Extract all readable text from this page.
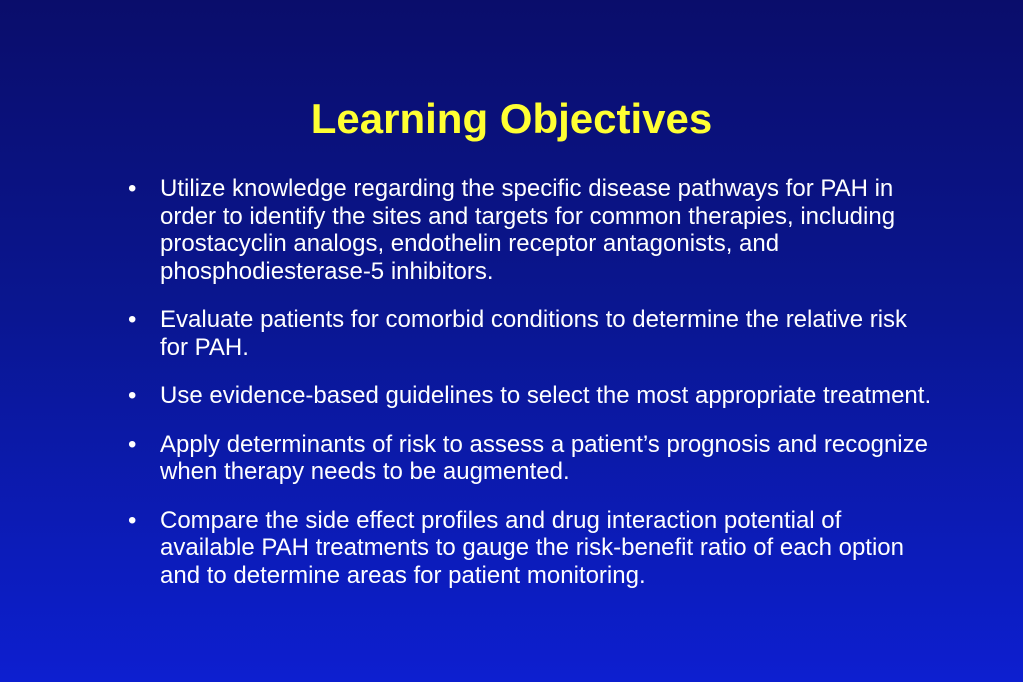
Learning Objectives
• Utilize knowledge regarding the specific disease pathways for PAH in order to identify the sites and targets for common therapies, including prostacyclin analogs, endothelin receptor antagonists, and phosphodiesterase-5 inhibitors.
• Evaluate patients for comorbid conditions to determine the relative risk for PAH.
• Use evidence-based guidelines to select the most appropriate treatment.
• Apply determinants of risk to assess a patient’s prognosis and recognize when therapy needs to be augmented.
• Compare the side effect profiles and drug interaction potential of available PAH treatments to gauge the risk-benefit ratio of each option and to determine areas for patient monitoring.
